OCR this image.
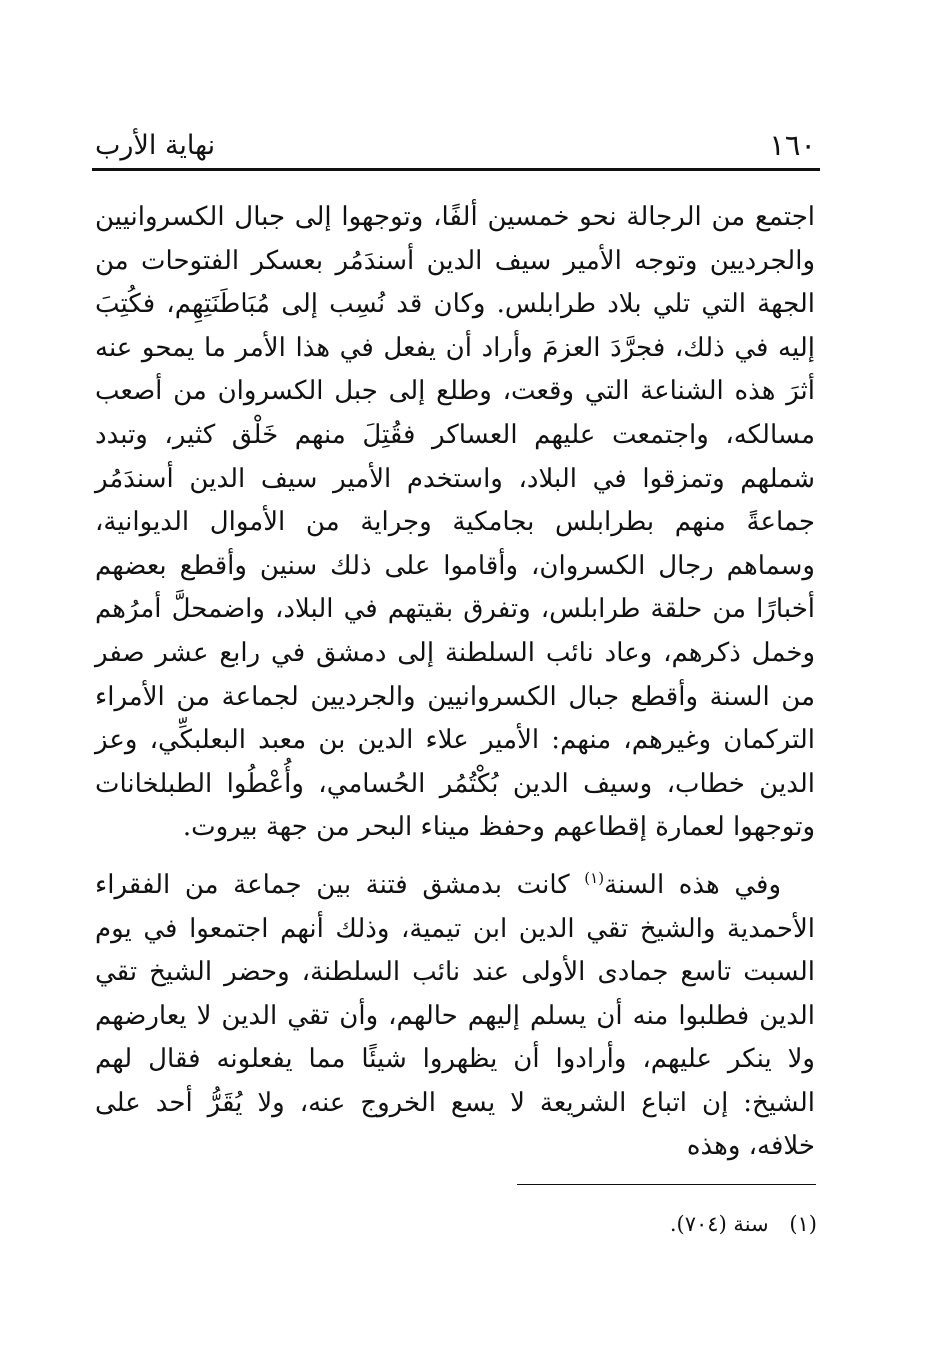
١٦٠
نهاية الأرب

اجتمع من الرجالة نحو خمسين ألفًا، وتوجهوا إلى جبال الكسروانيين والجرديين وتوجه الأمير سيف الدين أسندَمُر بعسكر الفتوحات من الجهة التي تلي بلاد طرابلس. وكان قد نُسِب إلى مُبَاطَنَتِهِم، فكُتِبَ إليه في ذلك، فجرَّدَ العزمَ وأراد أن يفعل في هذا الأمر ما يمحو عنه أثرَ هذه الشناعة التي وقعت، وطلع إلى جبل الكسروان من أصعب مسالكه، واجتمعت عليهم العساكر فقُتِلَ منهم خَلْق كثير، وتبدد شملهم وتمزقوا في البلاد، واستخدم الأمير سيف الدين أسندَمُر جماعةً منهم بطرابلس بجامكية وجراية من الأموال الديوانية، وسماهم رجال الكسروان، وأقاموا على ذلك سنين وأقطع بعضهم أخبارًا من حلقة طرابلس، وتفرق بقيتهم في البلاد، واضمحلَّ أمرُهم وخمل ذكرهم، وعاد نائب السلطنة إلى دمشق في رابع عشر صفر من السنة وأقطع جبال الكسروانيين والجرديين لجماعة من الأمراء التركمان وغيرهم، منهم: الأمير علاء الدين بن معبد البعلبكِّي، وعز الدين خطاب، وسيف الدين بُكْتُمُر الحُسامي، وأُعْطُوا الطبلخانات وتوجهوا لعمارة إقطاعهم وحفظ ميناء البحر من جهة بيروت.

وفي هذه السنة$^{(١)}$ كانت بدمشق فتنة بين جماعة من الفقراء الأحمدية والشيخ تقي الدين ابن تيمية، وذلك أنهم اجتمعوا في يوم السبت تاسع جمادى الأولى عند نائب السلطنة، وحضر الشيخ تقي الدين فطلبوا منه أن يسلم إليهم حالهم، وأن تقي الدين لا يعارضهم ولا ينكر عليهم، وأرادوا أن يظهروا شيئًا مما يفعلونه فقال لهم الشيخ: إن اتباع الشريعة لا يسع الخروج عنه، ولا يُقَرُّ أحد على خلافه، وهذه

(١) سنة (٧٠٤).
